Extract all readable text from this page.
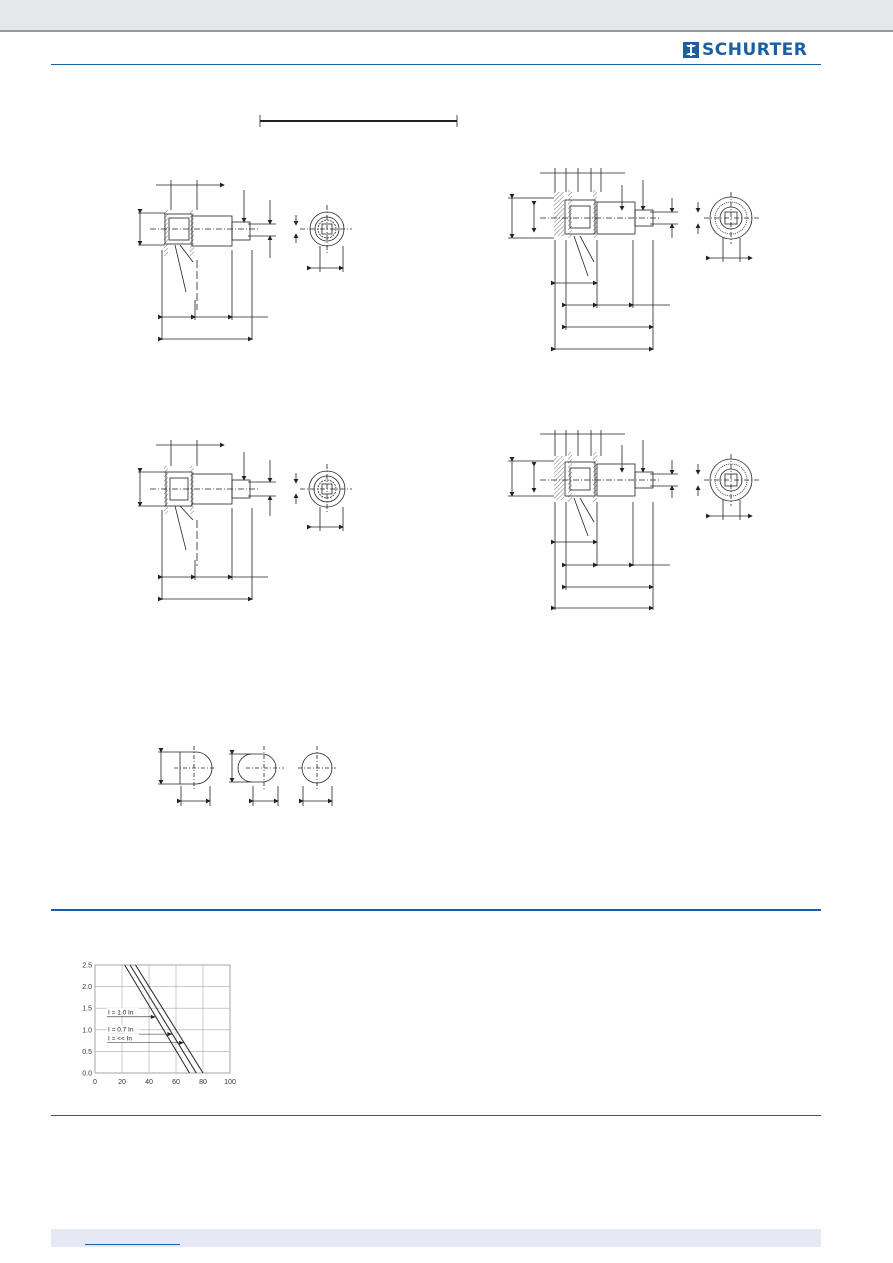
SCHURTER
0	20	40	60	80 100
0.0
0.5
1.0
1.5
2.0
2.5
I = 1.0 In
I = 0.7 In
I = << In
